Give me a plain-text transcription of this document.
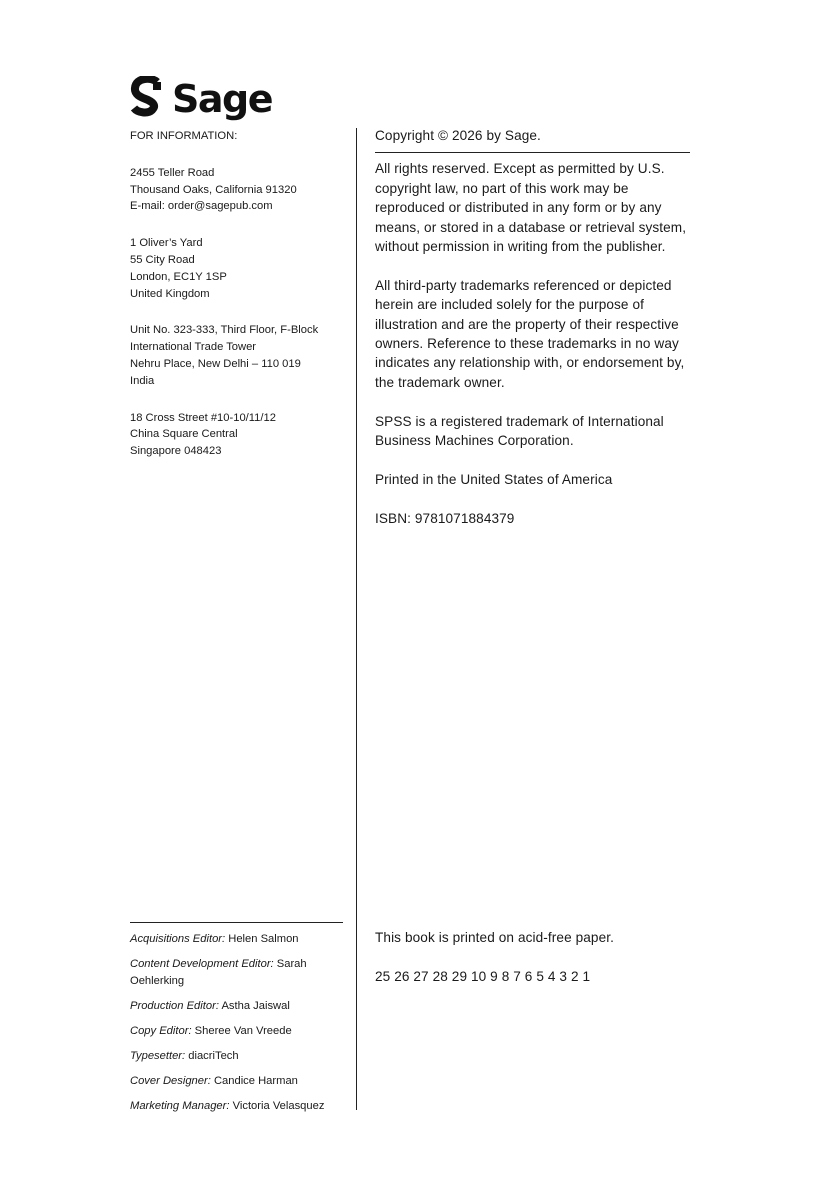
Sage
FOR INFORMATION:
2455 Teller Road
Thousand Oaks, California 91320
E-mail: order@sagepub.com
1 Oliver’s Yard
55 City Road
London, EC1Y 1SP
United Kingdom
Unit No. 323-333, Third Floor, F-Block
International Trade Tower
Nehru Place, New Delhi – 110 019
India
18 Cross Street #10-10/11/12
China Square Central
Singapore 048423

Copyright © 2026 by Sage.

All rights reserved. Except as permitted by U.S. copyright law, no part of this work may be reproduced or distributed in any form or by any means, or stored in a database or retrieval system, without permission in writing from the publisher.

All third-party trademarks referenced or depicted herein are included solely for the purpose of illustration and are the property of their respective owners. Reference to these trademarks in no way indicates any relationship with, or endorsement by, the trademark owner.

SPSS is a registered trademark of International Business Machines Corporation.

Printed in the United States of America

ISBN: 9781071884379

Acquisitions Editor: Helen Salmon
Content Development Editor: Sarah Oehlerking
Production Editor: Astha Jaiswal
Copy Editor: Sheree Van Vreede
Typesetter: diacriTech
Cover Designer: Candice Harman
Marketing Manager: Victoria Velasquez

This book is printed on acid-free paper.

25 26 27 28 29 10 9 8 7 6 5 4 3 2 1
